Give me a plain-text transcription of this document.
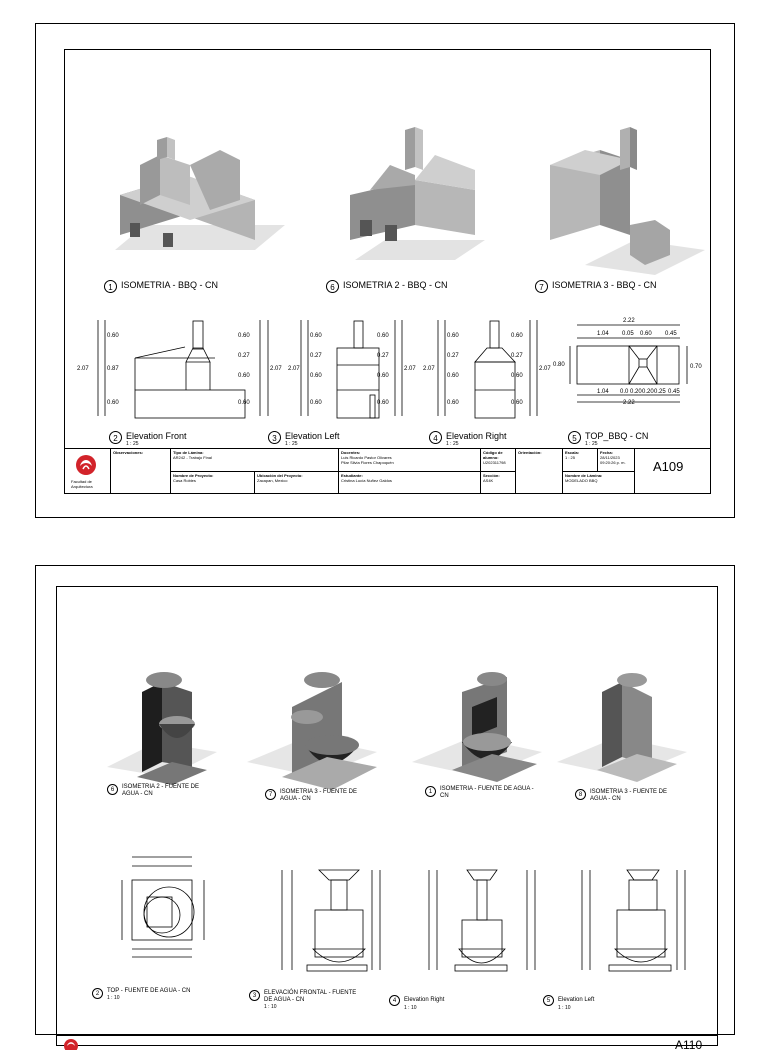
0.60
0.87
0.60
2.07
0.60
0.27
0.60
0.60
2.07 2.07
0.60
0.27
0.60
0.60
0.60
0.27
0.60
0.60
2.07 2.07
0.60
0.27
0.60
0.60
0.60
0.27
0.60
0.60
2.07
2.22
1.04 0.05 0.60 0.45
0.80	0.70
1.04 0.0 0.20 0.20 0.25 0.45
2.22
1 ISOMETRIA - BBQ - CN	6 ISOMETRIA 2 - BBQ - CN	7 ISOMETRIA 3 - BBQ - CN
2 Elevation Front
1 : 25
3 Elevation Left
1 : 25
4 Elevation Right
1 : 25
5 TOP_BBQ - CN
1 : 25
Facultad de Arquitectura
Observaciones:	Tipo de Lámina:
AR242 - Trabajo Final
Nombre de Proyecto:
Casa Robles
Ubicación del Proyecto:
Zacapan, Mexico
Docentes:
Luis Ricardo Pastor Olivares
Pilar Silvia Flores Chapoquén
Estudiante:
Cristina Lucía Nuñez Galdos
Código de alumno:
U202311798
Sección:
AS4K
Orientación:	Escala:
1 : 25
Fecha:
28/11/2023
09:20:26 p. m.
Nombre de Lámina:
MODELADO BBQ
A109
6	ISOMETRIA 2 - FUENTE DE AGUA - CN	7	ISOMETRIA 3 - FUENTE DE AGUA - CN
1	ISOMETRIA - FUENTE DE AGUA - CN	8	ISOMETRIA 3 - FUENTE DE AGUA - CN
2	TOP - FUENTE DE AGUA - CN
1 : 10	3	ELEVACIÓN FRONTAL - FUENTE DE AGUA - CN
1 : 10
4	Elevation Right
1 : 10
5	Elevation Left
1 : 10
A110
